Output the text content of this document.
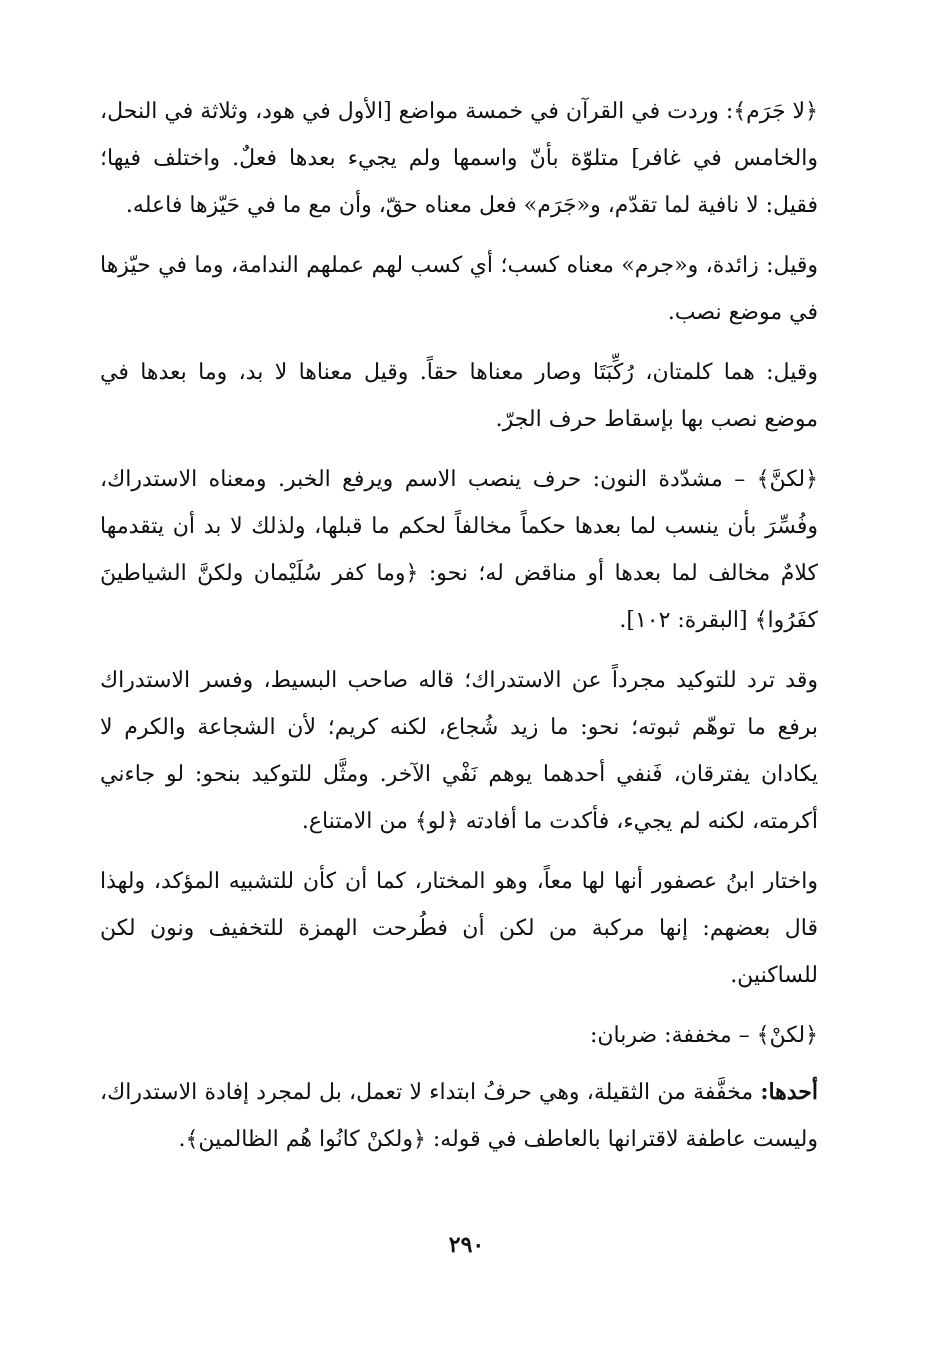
﴿لا جَرَم﴾: وردت في القرآن في خمسة مواضع [الأول في هود، وثلاثة في النحل، والخامس في غافر] متلوّة بأنّ واسمها ولم يجيء بعدها فعلٌ. واختلف فيها؛ فقيل: لا نافية لما تقدّم، و«جَرَم» فعل معناه حقّ، وأن مع ما في حَيّزها فاعله.

وقيل: زائدة، و«جرم» معناه كسب؛ أي كسب لهم عملهم الندامة، وما في حيّزها في موضع نصب.

وقيل: هما كلمتان، رُكِّبَتَا وصار معناها حقاً. وقيل معناها لا بد، وما بعدها في موضع نصب بها بإسقاط حرف الجرّ.

﴿لكنَّ﴾ – مشدّدة النون: حرف ينصب الاسم ويرفع الخبر. ومعناه الاستدراك، وفُسِّرَ بأن ينسب لما بعدها حكماً مخالفاً لحكم ما قبلها، ولذلك لا بد أن يتقدمها كلامٌ مخالف لما بعدها أو مناقض له؛ نحو: ﴿وما كفر سُلَيْمان ولكنَّ الشياطينَ كفَرُوا﴾ [البقرة: ١٠٢].

وقد ترد للتوكيد مجرداً عن الاستدراك؛ قاله صاحب البسيط، وفسر الاستدراك برفع ما توهّم ثبوته؛ نحو: ما زيد شُجاع، لكنه كريم؛ لأن الشجاعة والكرم لا يكادان يفترقان، فَنفي أحدهما يوهم نَفْي الآخر. ومثَّل للتوكيد بنحو: لو جاءني أكرمته، لكنه لم يجيء، فأكدت ما أفادته ﴿لو﴾ من الامتناع.

واختار ابنُ عصفور أنها لها معاً، وهو المختار، كما أن كأن للتشبيه المؤكد، ولهذا قال بعضهم: إنها مركبة من لكن أن فطُرحت الهمزة للتخفيف ونون لكن للساكنين.

﴿لكنْ﴾ – مخففة: ضربان:

أحدها: مخفَّفة من الثقيلة، وهي حرفُ ابتداء لا تعمل، بل لمجرد إفادة الاستدراك، وليست عاطفة لاقترانها بالعاطف في قوله: ﴿ولكنْ كانُوا هُم الظالمين﴾.

٢٩٠
